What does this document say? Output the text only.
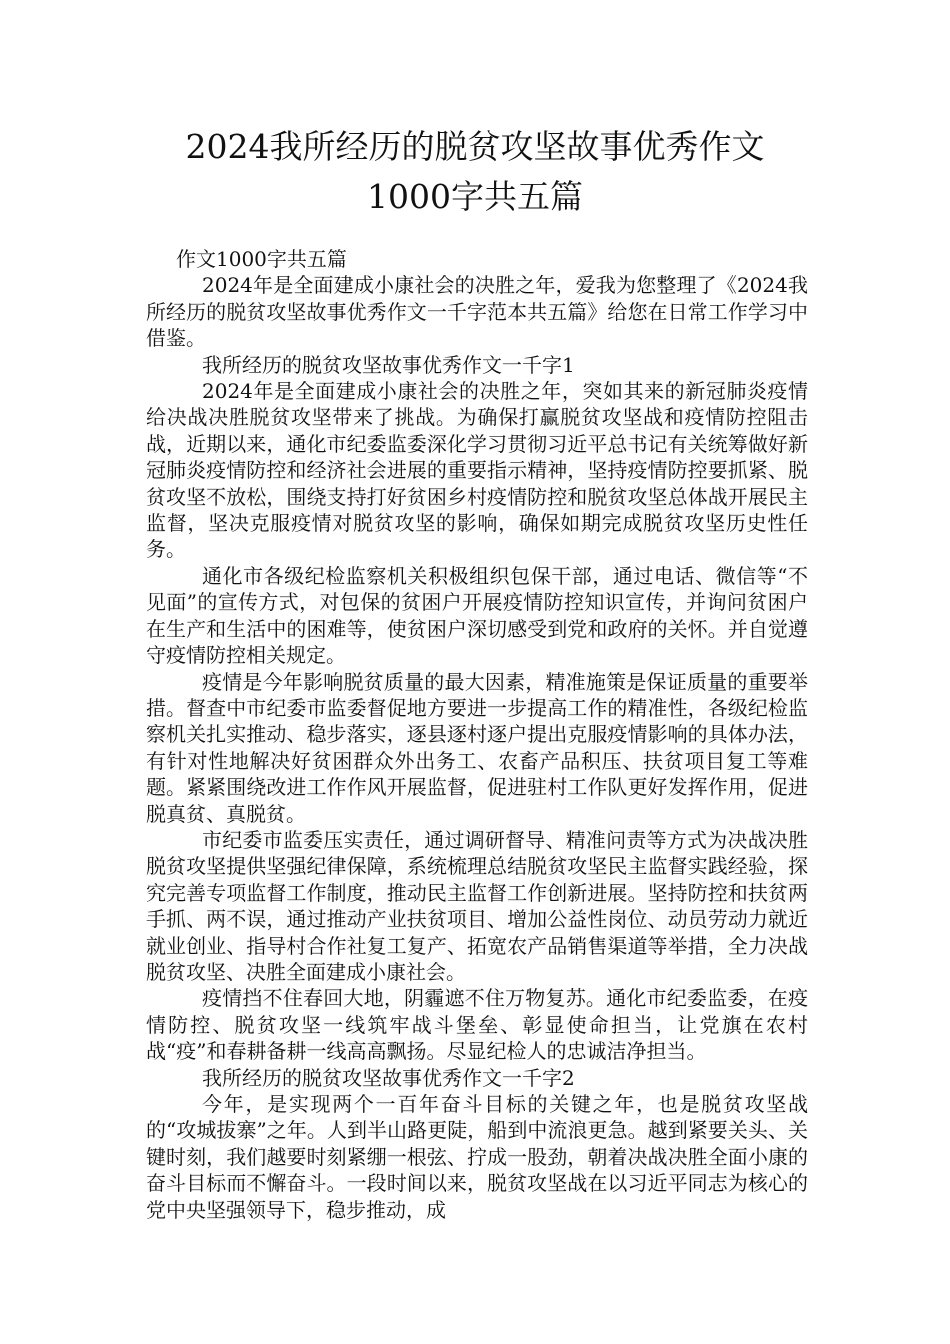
2024我所经历的脱贫攻坚故事优秀作文
1000字共五篇

作文1000字共五篇

2024年是全面建成小康社会的决胜之年，爱我为您整理了《2024我所经历的脱贫攻坚故事优秀作文一千字范本共五篇》给您在日常工作学习中借鉴。

我所经历的脱贫攻坚故事优秀作文一千字1

2024年是全面建成小康社会的决胜之年，突如其来的新冠肺炎疫情给决战决胜脱贫攻坚带来了挑战。为确保打赢脱贫攻坚战和疫情防控阻击战，近期以来，通化市纪委监委深化学习贯彻习近平总书记有关统筹做好新冠肺炎疫情防控和经济社会进展的重要指示精神，坚持疫情防控要抓紧、脱贫攻坚不放松，围绕支持打好贫困乡村疫情防控和脱贫攻坚总体战开展民主监督，坚决克服疫情对脱贫攻坚的影响，确保如期完成脱贫攻坚历史性任务。

通化市各级纪检监察机关积极组织包保干部，通过电话、微信等“不见面”的宣传方式，对包保的贫困户开展疫情防控知识宣传，并询问贫困户在生产和生活中的困难等，使贫困户深切感受到党和政府的关怀。并自觉遵守疫情防控相关规定。

疫情是今年影响脱贫质量的最大因素，精准施策是保证质量的重要举措。督查中市纪委市监委督促地方要进一步提高工作的精准性，各级纪检监察机关扎实推动、稳步落实，逐县逐村逐户提出克服疫情影响的具体办法，有针对性地解决好贫困群众外出务工、农畜产品积压、扶贫项目复工等难题。紧紧围绕改进工作作风开展监督，促进驻村工作队更好发挥作用，促进脱真贫、真脱贫。

市纪委市监委压实责任，通过调研督导、精准问责等方式为决战决胜脱贫攻坚提供坚强纪律保障，系统梳理总结脱贫攻坚民主监督实践经验，探究完善专项监督工作制度，推动民主监督工作创新进展。坚持防控和扶贫两手抓、两不误，通过推动产业扶贫项目、增加公益性岗位、动员劳动力就近就业创业、指导村合作社复工复产、拓宽农产品销售渠道等举措，全力决战脱贫攻坚、决胜全面建成小康社会。

疫情挡不住春回大地，阴霾遮不住万物复苏。通化市纪委监委，在疫情防控、脱贫攻坚一线筑牢战斗堡垒、彰显使命担当，让党旗在农村战“疫”和春耕备耕一线高高飘扬。尽显纪检人的忠诚洁净担当。

我所经历的脱贫攻坚故事优秀作文一千字2

今年，是实现两个一百年奋斗目标的关键之年，也是脱贫攻坚战的“攻城拔寨”之年。人到半山路更陡，船到中流浪更急。越到紧要关头、关键时刻，我们越要时刻紧绷一根弦、拧成一股劲，朝着决战决胜全面小康的奋斗目标而不懈奋斗。一段时间以来，脱贫攻坚战在以习近平同志为核心的党中央坚强领导下，稳步推动，成
